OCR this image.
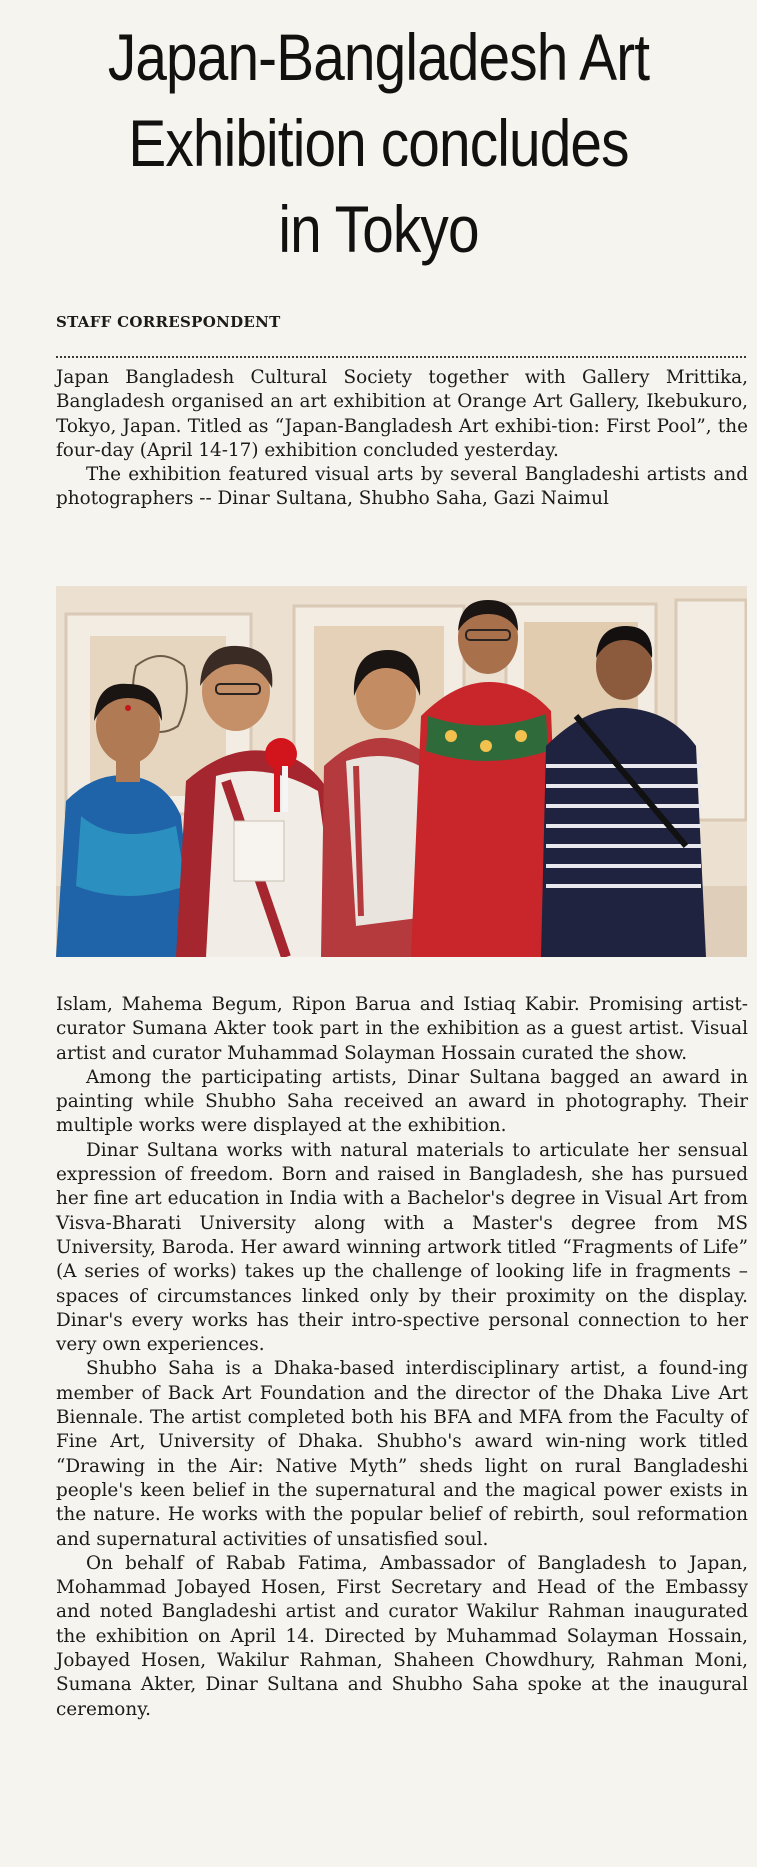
Japan-Bangladesh Art
Exhibition concludes
in Tokyo
STAFF CORRESPONDENT

Japan Bangladesh Cultural Society together with Gallery Mrittika, Bangladesh organised an art exhibition at Orange Art Gallery, Ikebukuro, Tokyo, Japan. Titled as “Japan-Bangladesh Art exhibi-tion: First Pool”, the four-day (April 14-17) exhibition concluded yesterday.

The exhibition featured visual arts by several Bangladeshi artists and photographers -- Dinar Sultana, Shubho Saha, Gazi Naimul

Islam, Mahema Begum, Ripon Barua and Istiaq Kabir. Promising artist-curator Sumana Akter took part in the exhibition as a guest artist. Visual artist and curator Muhammad Solayman Hossain curated the show.

Among the participating artists, Dinar Sultana bagged an award in painting while Shubho Saha received an award in photography. Their multiple works were displayed at the exhibition.

Dinar Sultana works with natural materials to articulate her sensual expression of freedom. Born and raised in Bangladesh, she has pursued her fine art education in India with a Bachelor's degree in Visual Art from Visva-Bharati University along with a Master's degree from MS University, Baroda. Her award winning artwork titled “Fragments of Life” (A series of works) takes up the challenge of looking life in fragments –spaces of circumstances linked only by their proximity on the display. Dinar's every works has their intro-spective personal connection to her very own experiences.

Shubho Saha is a Dhaka-based interdisciplinary artist, a found-ing member of Back Art Foundation and the director of the Dhaka Live Art Biennale. The artist completed both his BFA and MFA from the Faculty of Fine Art, University of Dhaka. Shubho's award win-ning work titled “Drawing in the Air: Native Myth” sheds light on rural Bangladeshi people's keen belief in the supernatural and the magical power exists in the nature. He works with the popular belief of rebirth, soul reformation and supernatural activities of unsatisfied soul.

On behalf of Rabab Fatima, Ambassador of Bangladesh to Japan, Mohammad Jobayed Hosen, First Secretary and Head of the Embassy and noted Bangladeshi artist and curator Wakilur Rahman inaugurated the exhibition on April 14. Directed by Muhammad Solayman Hossain, Jobayed Hosen, Wakilur Rahman, Shaheen Chowdhury, Rahman Moni, Sumana Akter, Dinar Sultana and Shubho Saha spoke at the inaugural ceremony.
